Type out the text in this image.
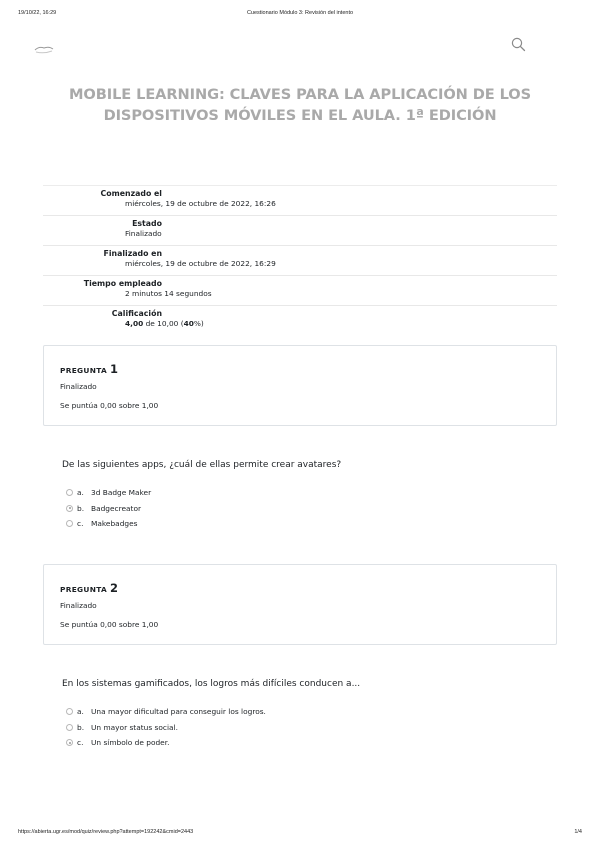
19/10/22, 16:29	Cuestionario Módulo 3: Revisión del intento
MOBILE LEARNING: CLAVES PARA LA APLICACIÓN DE LOS DISPOSITIVOS MÓVILES EN EL AULA. 1ª EDICIÓN
Comenzado el
miércoles, 19 de octubre de 2022, 16:26
Estado
Finalizado
Finalizado en
miércoles, 19 de octubre de 2022, 16:29
Tiempo empleado
2 minutos 14 segundos
Calificación
4,00 de 10,00 (40%)
PREGUNTA 1
Finalizado
Se puntúa 0,00 sobre 1,00
De las siguientes apps, ¿cuál de ellas permite crear avatares?
a. 3d Badge Maker
b. Badgecreator
c. Makebadges
PREGUNTA 2
Finalizado
Se puntúa 0,00 sobre 1,00
En los sistemas gamificados, los logros más difíciles conducen a...
a. Una mayor dificultad para conseguir los logros.
b. Un mayor status social.
c. Un símbolo de poder.
https://abierta.ugr.es/mod/quiz/review.php?attempt=192242&cmid=2443	1/4
